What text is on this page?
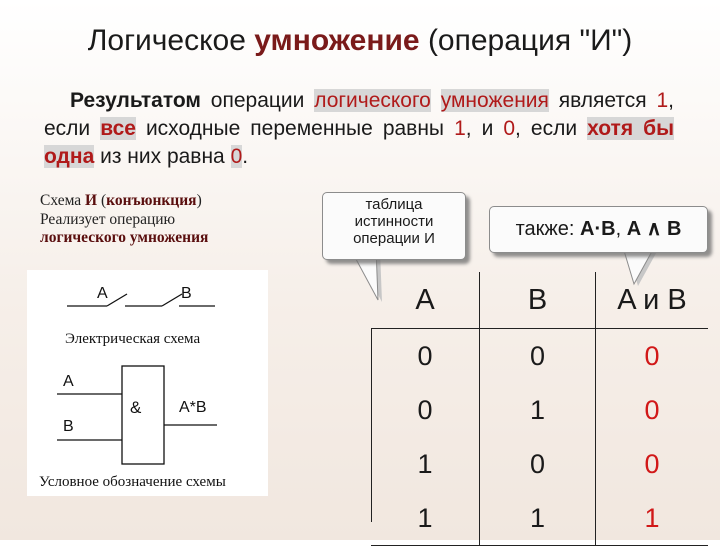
Логическое умножение (операция "И")
Результатом операции логического умножения является 1, если все исходные переменные равны 1, и 0, если хотя бы одна из них равна 0.
Схема И (конъюнкция)
Реализует операцию
логического умножения
A	B
Электрическая схема
A
B
& A*B
Условное обозначение схемы
таблица
истинности
операции И	также: A·B, A ∧ B
A	B	A и B
0	0	0
0	1	0
1	0	0
1	1	1
